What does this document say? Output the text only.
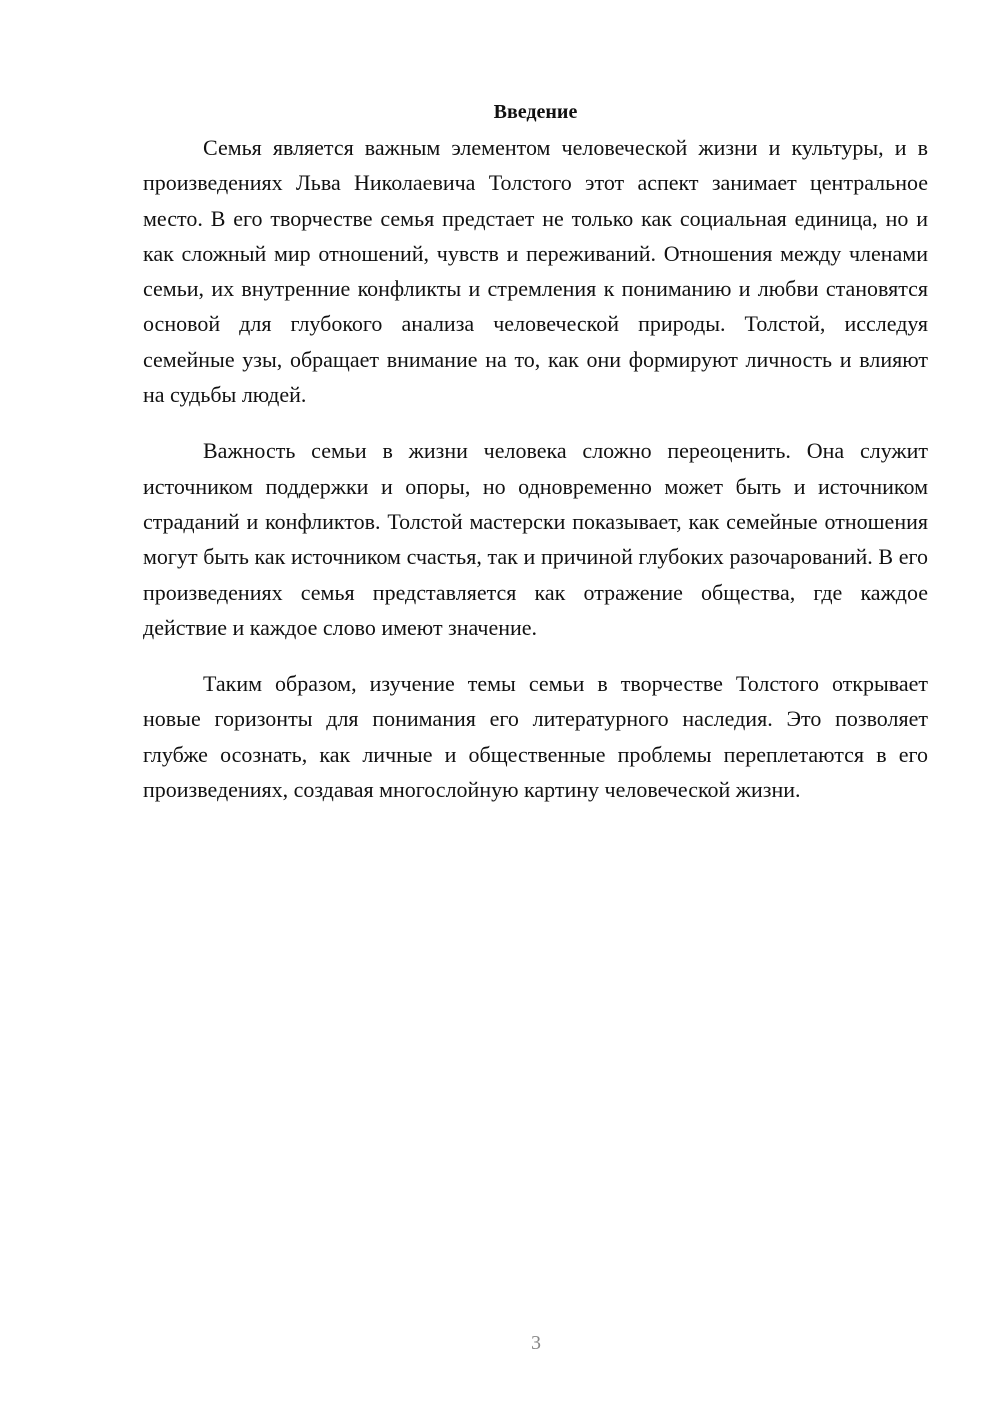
Введение

Семья является важным элементом человеческой жизни и культуры, и в произведениях Льва Николаевича Толстого этот аспект занимает центральное место. В его творчестве семья предстает не только как социальная единица, но и как сложный мир отношений, чувств и переживаний. Отношения между членами семьи, их внутренние конфликты и стремления к пониманию и любви становятся основой для глубокого анализа человеческой природы. Толстой, исследуя семейные узы, обращает внимание на то, как они формируют личность и влияют на судьбы людей.

Важность семьи в жизни человека сложно переоценить. Она служит источником поддержки и опоры, но одновременно может быть и источником страданий и конфликтов. Толстой мастерски показывает, как семейные отношения могут быть как источником счастья, так и причиной глубоких разочарований. В его произведениях семья представляется как отражение общества, где каждое действие и каждое слово имеют значение.

Таким образом, изучение темы семьи в творчестве Толстого открывает новые горизонты для понимания его литературного наследия. Это позволяет глубже осознать, как личные и общественные проблемы переплетаются в его произведениях, создавая многослойную картину человеческой жизни.

3
